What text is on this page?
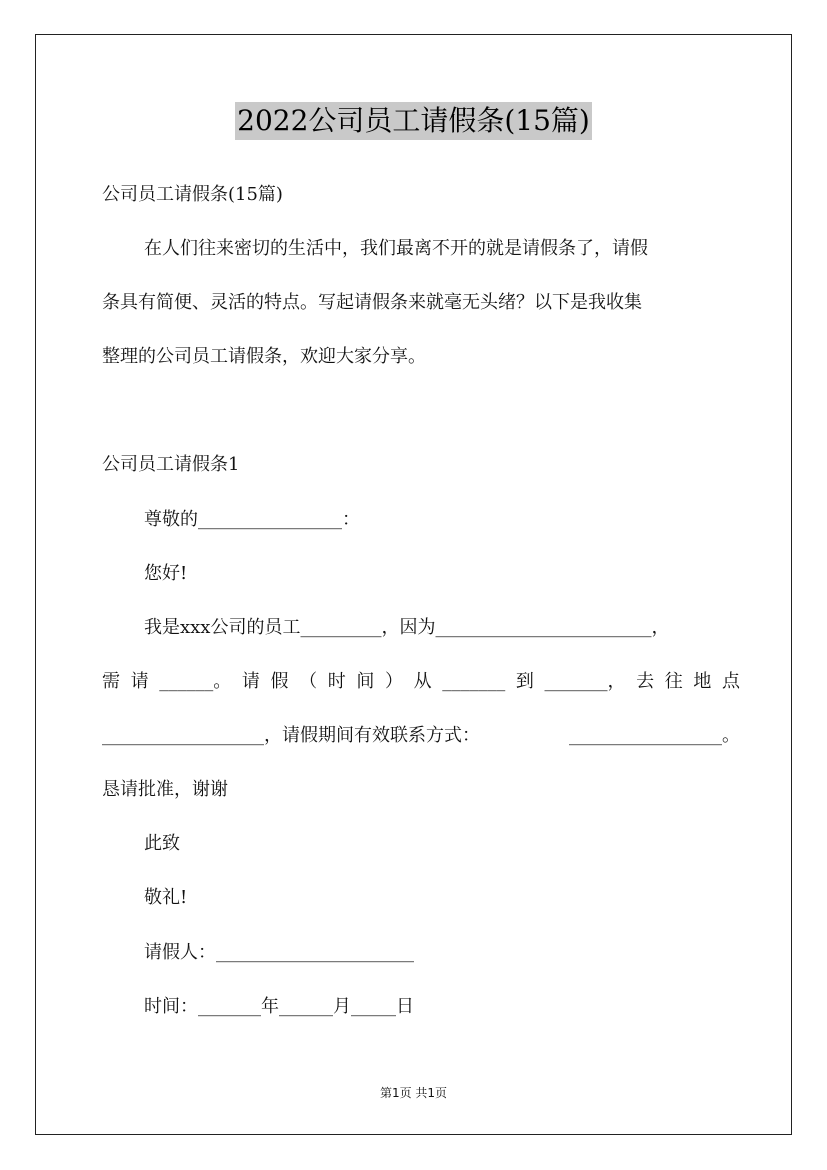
2022公司员工请假条(15篇)
公司员工请假条(15篇)
在人们往来密切的生活中，我们最离不开的就是请假条了，请假
条具有简便、灵活的特点。写起请假条来就毫无头绪？以下是我收集
整理的公司员工请假条，欢迎大家分享。
公司员工请假条1
尊敬的________________：
您好!
我是xxx公司的员工_________，因为________________________，
需 请 ______。 请 假 （ 时 间 ） 从 _______ 到 _______， 去 往 地 点
__________________，请假期间有效联系方式：	_________________。
恳请批准，谢谢
此致
敬礼!
请假人：______________________
时间：_______年______月_____日
第1页 共1页
